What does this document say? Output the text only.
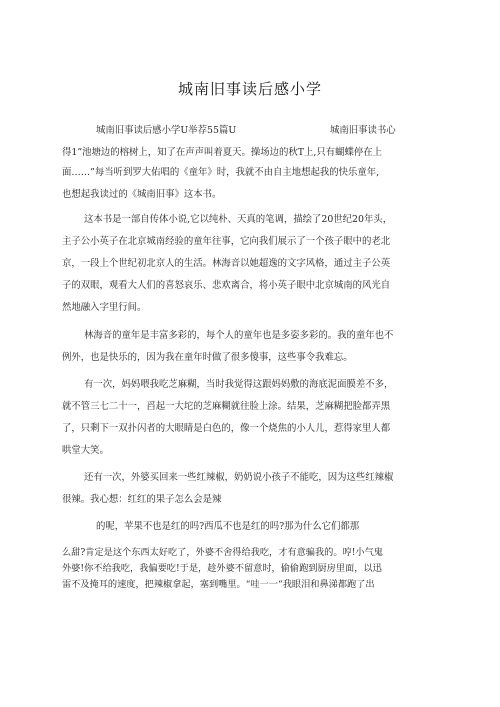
城南旧事读后感小学
城南旧事读后感小学U举荐55篇U	城南旧事读书心
得1”池塘边的榕树上，知了在声声叫着夏天。操场边的秋T上,只有蝴蝶停在上
面……”每当听到罗大佑唱的《童年》时，我就不由自主地想起我的快乐童年,
也想起我读过的《城南旧事》这本书。
这本书是一部自传体小说,它以纯朴、天真的笔调，描绘了20世纪20年头，
主子公小英子在北京城南经验的童年往事，它向我们展示了一个孩子眼中的老北
京，一段上个世纪初北京人的生活。林海音以她超逸的文字风格，通过主子公英
子的双眼，观看大人们的喜怒哀乐、悲欢离合，将小英子眼中北京城南的风光自
然地融入字里行间。
林海音的童年是丰富多彩的，每个人的童年也是多姿多彩的。我的童年也不
例外，也是快乐的，因为我在童年时做了很多傻事，这些事令我难忘。
有一次，妈妈喂我吃芝麻糊，当时我觉得这跟妈妈敷的海底泥面膜差不多，
就不管三七二十一，舀起一大坨的芝麻糊就往脸上涂。结果，芝麻糊把脸都弄黑
了，只剩下一双扑闪者的大眼睛是白色的，像一个烧焦的小人儿，惹得家里人都
哄堂大笑。
还有一次，外婆买回来一些红辣椒，奶奶说小孩子不能吃，因为这些红辣椒
很辣。我心想：红红的果子怎么会是辣
的呢，苹果不也是红的吗?西瓜不也是红的吗?那为什么它们都那
么甜?肯定是这个东西太好吃了，外婆不舍得给我吃，才有意骗我的。哼!小气鬼
外婆!你不给我吃，我偏要吃!于是，趁外婆不留意时，偷偷跑到厨房里面，以迅
雷不及掩耳的速度，把辣椒拿起，塞到嘴里。“哇一一“我眼泪和鼻涕都跑了出
